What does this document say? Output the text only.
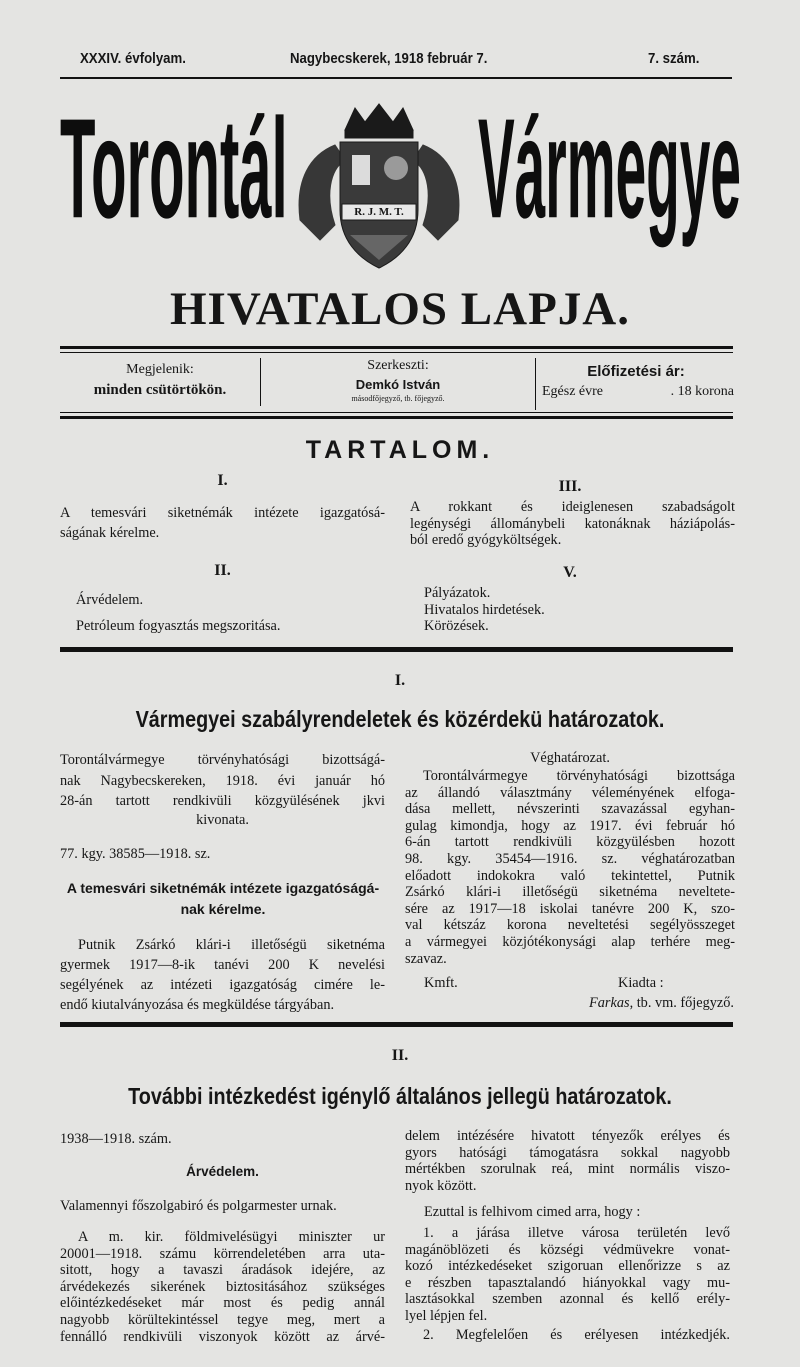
XXXIV. évfolyam.	Nagybecskerek, 1918 február 7.	7. szám.
Torontál Vármegye
R. J. M. T.
HIVATALOS LAPJA.
Megjelenik:
minden csütörtökön.
Szerkeszti:
Demkó István
másodfőjegyző, tb. főjegyző.
Előfizetési ár:
Egész évre	. 18 korona
TARTALOM.
I.
A temesvári siketnémák intézete igazgatósá-
ságának kérelme.
II.
Árvédelem.
Petróleum fogyasztás megszoritása.
III.
A rokkant és ideiglenesen szabadságolt
legénységi állománybeli katonáknak háziápolás-
ból eredő gyógyköltségek.
V.
Pályázatok.
Hivatalos hirdetések.
Körözések.
I.
Vármegyei szabályrendeletek és közérdekü határozatok.
Torontálvármegye törvényhatósági bizottságá-
nak Nagybecskereken, 1918. évi január hó
28-án tartott rendkivüli közgyülésének jkvi
kivonata.
77. kgy. 38585—1918. sz.
A temesvári siketnémák intézete igazgatóságá-
nak kérelme.
Putnik Zsárkó klári-i illetőségü siketnéma
gyermek 1917—8-ik tanévi 200 K nevelési
segélyének az intézeti igazgatóság cimére le-
endő kiutalványozása és megküldése tárgyában.
Véghatározat.
Torontálvármegye törvényhatósági bizottsága
az állandó választmány véleményének elfoga-
dása mellett, névszerinti szavazással egyhan-
gulag kimondja, hogy az 1917. évi február hó
6-án tartott rendkivüli közgyülésben hozott
98. kgy. 35454—1916. sz. véghatározatban
előadott indokokra való tekintettel, Putnik
Zsárkó klári-i illetőségü siketnéma neveltete-
sére az 1917—18 iskolai tanévre 200 K, szo-
val kétszáz korona neveltetési segélyösszeget
a vármegyei közjótékonysági alap terhére meg-
szavaz.
Kmft.	Kiadta :
Farkas, tb. vm. főjegyző.
II.
További intézkedést igénylő általános jellegü határozatok.
1938—1918. szám.
Árvédelem.
Valamennyi főszolgabiró és polgarmester urnak.
A m. kir. földmivelésügyi miniszter ur
20001—1918. számu körrendeletében arra uta-
sitott, hogy a tavaszi áradások idejére, az
árvédekezés sikerének biztositásához szükséges
előintézkedéseket már most és pedig annál
nagyobb körültekintéssel tegye meg, mert a
fennálló rendkivüli viszonyok között az árvé-
delem intézésére hivatott tényezők erélyes és
gyors hatósági támogatásra sokkal nagyobb
mértékben szorulnak reá, mint normális viszo-
nyok között.
Ezuttal is felhivom cimed arra, hogy :
1. a járása illetve városa területén levő
magánöblözeti és községi védmüvekre vonat-
kozó intézkedéseket szigoruan ellenőrizze s az
e részben tapasztalandó hiányokkal vagy mu-
lasztásokkal szemben azonnal és kellő erély-
lyel lépjen fel.
2. Megfelelően és erélyesen intézkedjék.
